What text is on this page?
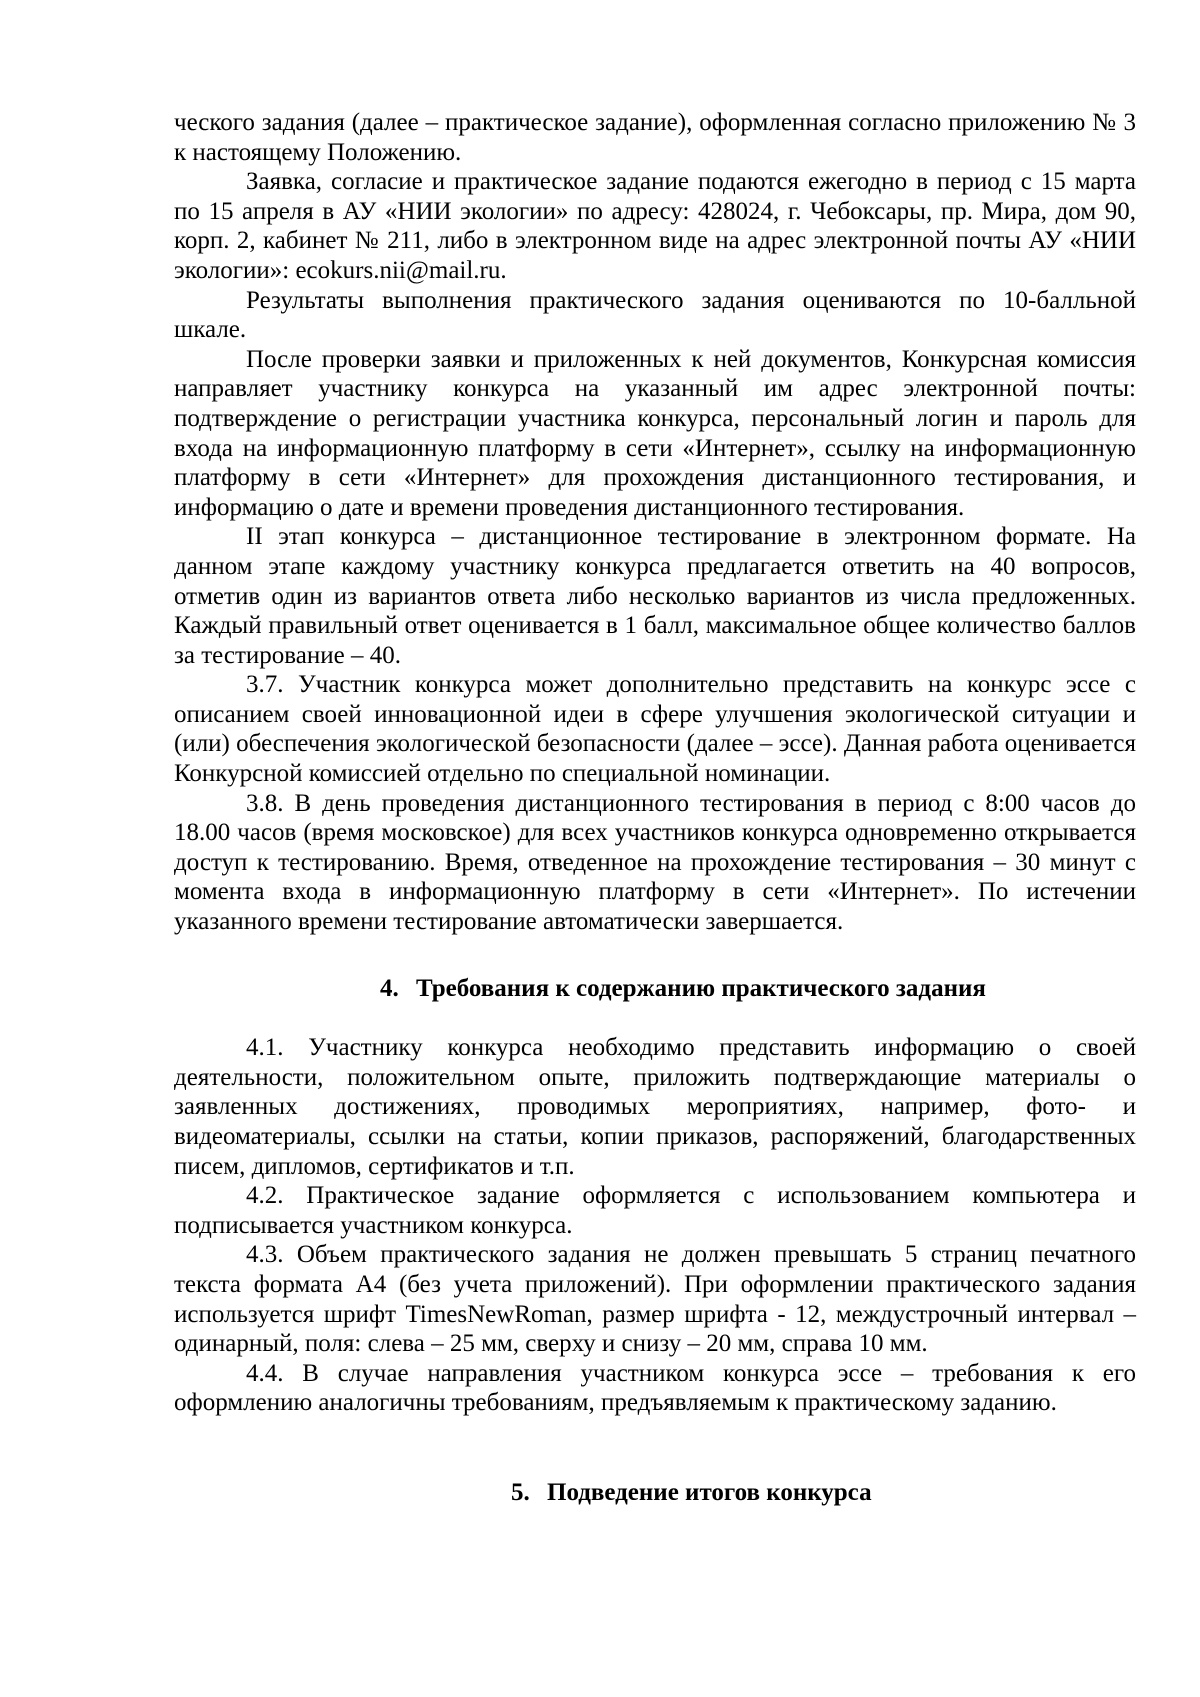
ческого задания (далее – практическое задание), оформленная согласно приложению № 3 к настоящему Положению.

Заявка, согласие и практическое задание подаются ежегодно в период с 15 марта по 15 апреля в АУ «НИИ экологии» по адресу: 428024, г. Чебоксары, пр. Мира, дом 90, корп. 2, кабинет № 211, либо в электронном виде на адрес электронной почты АУ «НИИ экологии»: ecokurs.nii@mail.ru.

Результаты выполнения практического задания оцениваются по 10-балльной шкале.

После проверки заявки и приложенных к ней документов, Конкурсная комиссия направляет участнику конкурса на указанный им адрес электронной почты: подтверждение о регистрации участника конкурса, персональный логин и пароль для входа на информационную платформу в сети «Интернет», ссылку на информационную платформу в сети «Интернет» для прохождения дистанционного тестирования, и информацию о дате и времени проведения дистанционного тестирования.

II этап конкурса – дистанционное тестирование в электронном формате. На данном этапе каждому участнику конкурса предлагается ответить на 40 вопросов, отметив один из вариантов ответа либо несколько вариантов из числа предложенных. Каждый правильный ответ оценивается в 1 балл, максимальное общее количество баллов за тестирование – 40.

3.7. Участник конкурса может дополнительно представить на конкурс эссе с описанием своей инновационной идеи в сфере улучшения экологической ситуации и (или) обеспечения экологической безопасности (далее – эссе). Данная работа оценивается Конкурсной комиссией отдельно по специальной номинации.

3.8. В день проведения дистанционного тестирования в период с 8:00 часов до 18.00 часов (время московское) для всех участников конкурса одновременно открывается доступ к тестированию. Время, отведенное на прохождение тестирования – 30 минут с момента входа в информационную платформу в сети «Интернет». По истечении указанного времени тестирование автоматически завершается.

4. Требования к содержанию практического задания

4.1. Участнику конкурса необходимо представить информацию о своей деятельности, положительном опыте, приложить подтверждающие материалы о заявленных достижениях, проводимых мероприятиях, например, фото- и видеоматериалы, ссылки на статьи, копии приказов, распоряжений, благодарственных писем, дипломов, сертификатов и т.п.

4.2. Практическое задание оформляется с использованием компьютера и подписывается участником конкурса.

4.3. Объем практического задания не должен превышать 5 страниц печатного текста формата А4 (без учета приложений). При оформлении практического задания используется шрифт TimesNewRoman, размер шрифта - 12, междустрочный интервал – одинарный, поля: слева – 25 мм, сверху и снизу – 20 мм, справа 10 мм.

4.4. В случае направления участником конкурса эссе – требования к его оформлению аналогичны требованиям, предъявляемым к практическому заданию.

5. Подведение итогов конкурса
